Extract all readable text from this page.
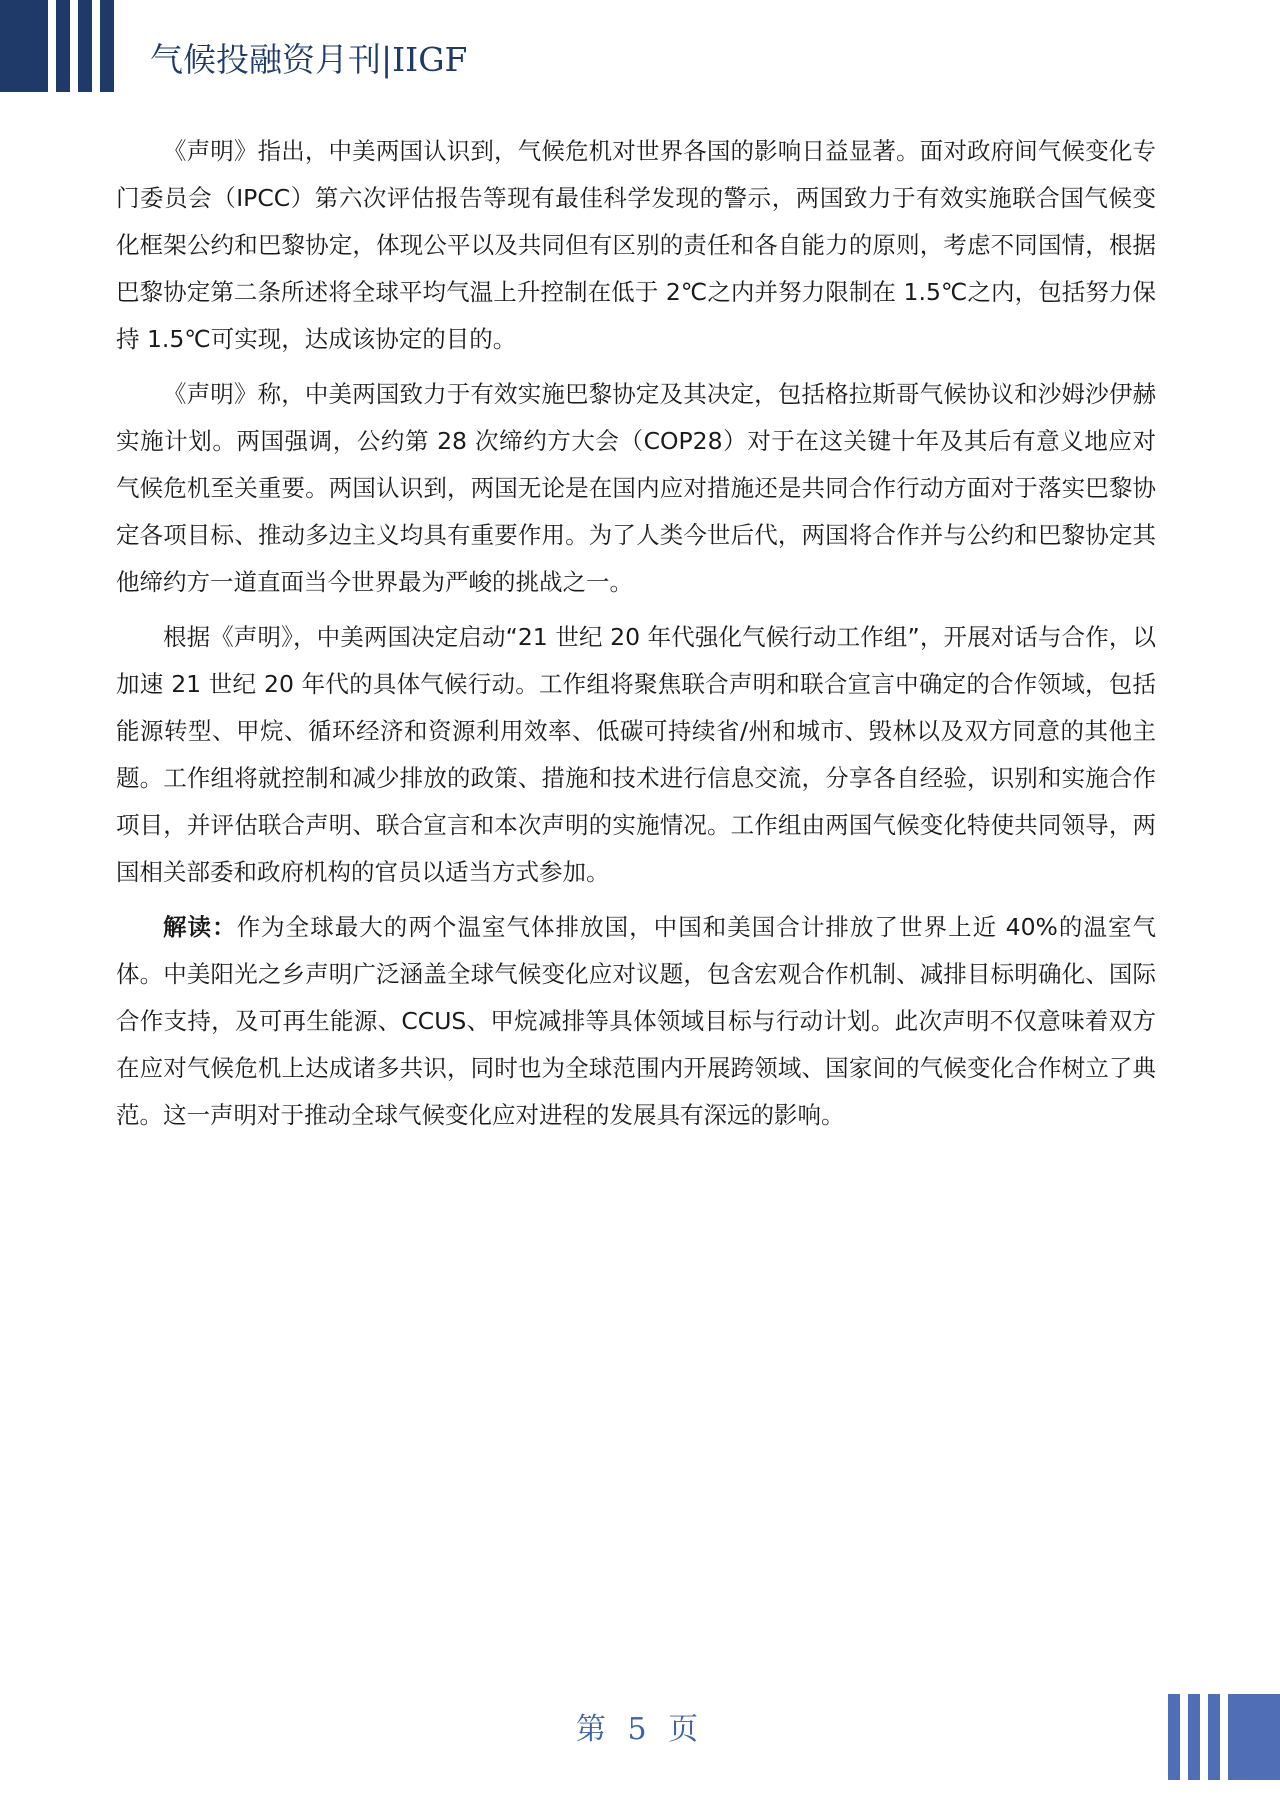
气候投融资月刊|IIGF

《声明》指出，中美两国认识到，气候危机对世界各国的影响日益显著。面对政府间气候变化专门委员会（IPCC）第六次评估报告等现有最佳科学发现的警示，两国致力于有效实施联合国气候变化框架公约和巴黎协定，体现公平以及共同但有区别的责任和各自能力的原则，考虑不同国情，根据巴黎协定第二条所述将全球平均气温上升控制在低于 2℃之内并努力限制在 1.5℃之内，包括努力保持 1.5℃可实现，达成该协定的目的。

《声明》称，中美两国致力于有效实施巴黎协定及其决定，包括格拉斯哥气候协议和沙姆沙伊赫实施计划。两国强调，公约第 28 次缔约方大会（COP28）对于在这关键十年及其后有意义地应对气候危机至关重要。两国认识到，两国无论是在国内应对措施还是共同合作行动方面对于落实巴黎协定各项目标、推动多边主义均具有重要作用。为了人类今世后代，两国将合作并与公约和巴黎协定其他缔约方一道直面当今世界最为严峻的挑战之一。

根据《声明》，中美两国决定启动“21 世纪 20 年代强化气候行动工作组”，开展对话与合作，以加速 21 世纪 20 年代的具体气候行动。工作组将聚焦联合声明和联合宣言中确定的合作领域，包括能源转型、甲烷、循环经济和资源利用效率、低碳可持续省/州和城市、毁林以及双方同意的其他主题。工作组将就控制和减少排放的政策、措施和技术进行信息交流，分享各自经验，识别和实施合作项目，并评估联合声明、联合宣言和本次声明的实施情况。工作组由两国气候变化特使共同领导，两国相关部委和政府机构的官员以适当方式参加。

解读：作为全球最大的两个温室气体排放国，中国和美国合计排放了世界上近 40%的温室气体。中美阳光之乡声明广泛涵盖全球气候变化应对议题，包含宏观合作机制、减排目标明确化、国际合作支持，及可再生能源、CCUS、甲烷减排等具体领域目标与行动计划。此次声明不仅意味着双方在应对气候危机上达成诸多共识，同时也为全球范围内开展跨领域、国家间的气候变化合作树立了典范。这一声明对于推动全球气候变化应对进程的发展具有深远的影响。

第 5 页
